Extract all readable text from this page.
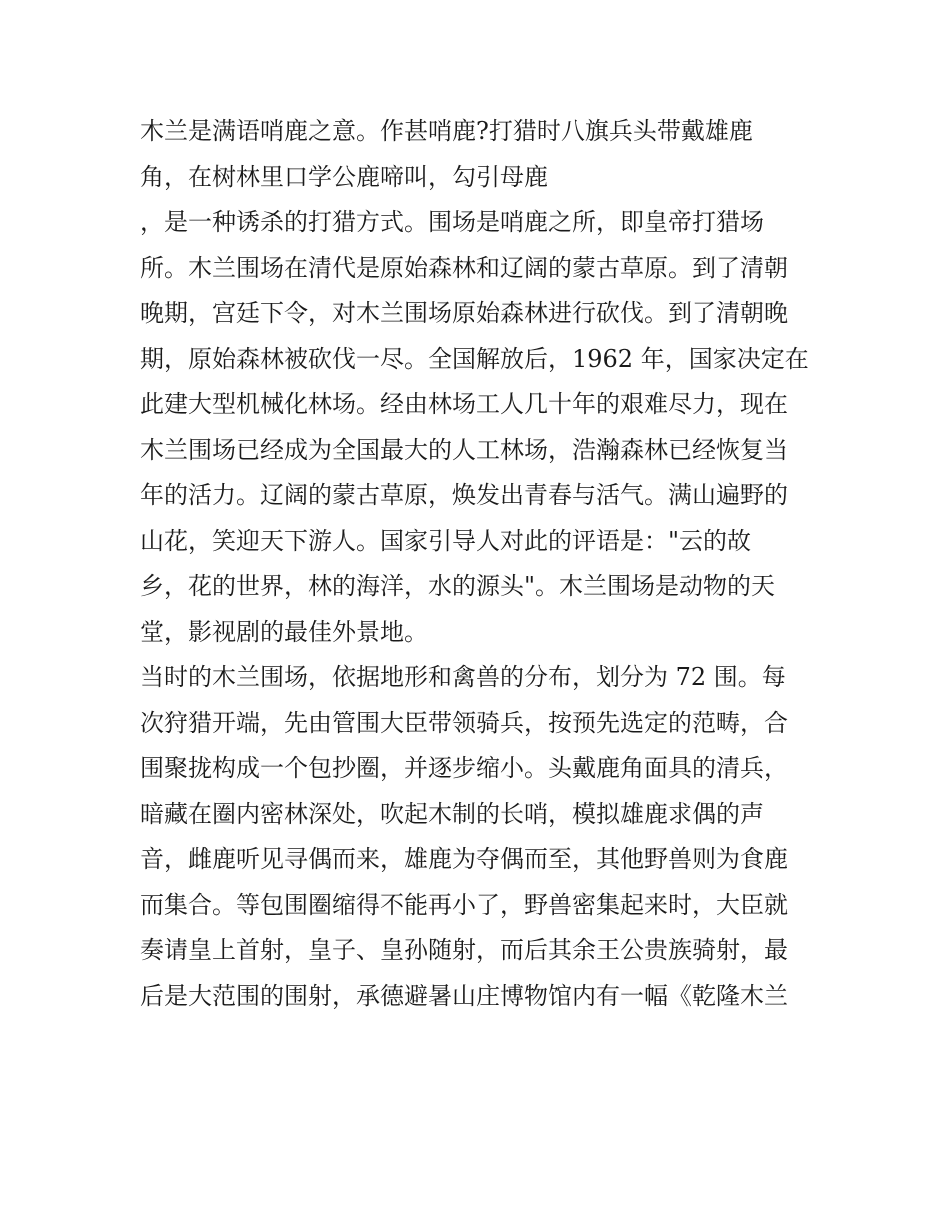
木兰是满语哨鹿之意。作甚哨鹿?打猎时八旗兵头带戴雄鹿
角，在树林里口学公鹿啼叫，勾引母鹿
，是一种诱杀的打猎方式。围场是哨鹿之所，即皇帝打猎场
所。木兰围场在清代是原始森林和辽阔的蒙古草原。到了清朝
晚期，宫廷下令，对木兰围场原始森林进行砍伐。到了清朝晚
期，原始森林被砍伐一尽。全国解放后，1962 年，国家决定在
此建大型机械化林场。经由林场工人几十年的艰难尽力，现在
木兰围场已经成为全国最大的人工林场，浩瀚森林已经恢复当
年的活力。辽阔的蒙古草原，焕发出青春与活气。满山遍野的
山花，笑迎天下游人。国家引导人对此的评语是："云的故
乡，花的世界，林的海洋，水的源头"。木兰围场是动物的天
堂，影视剧的最佳外景地。
当时的木兰围场，依据地形和禽兽的分布，划分为 72 围。每
次狩猎开端，先由管围大臣带领骑兵，按预先选定的范畴，合
围聚拢构成一个包抄圈，并逐步缩小。头戴鹿角面具的清兵，
暗藏在圈内密林深处，吹起木制的长哨，模拟雄鹿求偶的声
音，雌鹿听见寻偶而来，雄鹿为夺偶而至，其他野兽则为食鹿
而集合。等包围圈缩得不能再小了，野兽密集起来时，大臣就
奏请皇上首射，皇子、皇孙随射，而后其余王公贵族骑射，最
后是大范围的围射，承德避暑山庄博物馆内有一幅《乾隆木兰
